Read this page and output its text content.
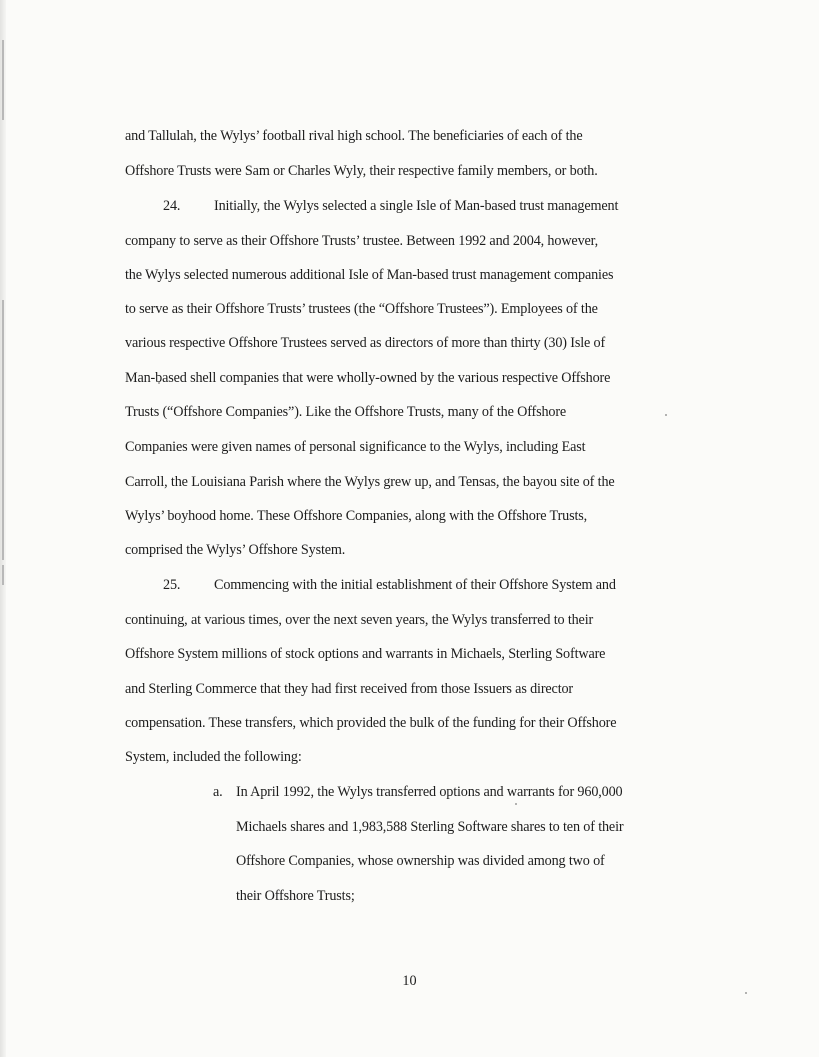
and Tallulah, the Wylys’ football rival high school. The beneficiaries of each of the

Offshore Trusts were Sam or Charles Wyly, their respective family members, or both.

24. Initially, the Wylys selected a single Isle of Man-based trust management

company to serve as their Offshore Trusts’ trustee. Between 1992 and 2004, however,

the Wylys selected numerous additional Isle of Man-based trust management companies

to serve as their Offshore Trusts’ trustees (the “Offshore Trustees”). Employees of the

various respective Offshore Trustees served as directors of more than thirty (30) Isle of

Man-based shell companies that were wholly-owned by the various respective Offshore

Trusts (“Offshore Companies”). Like the Offshore Trusts, many of the Offshore

Companies were given names of personal significance to the Wylys, including East

Carroll, the Louisiana Parish where the Wylys grew up, and Tensas, the bayou site of the

Wylys’ boyhood home. These Offshore Companies, along with the Offshore Trusts,

comprised the Wylys’ Offshore System.

25. Commencing with the initial establishment of their Offshore System and

continuing, at various times, over the next seven years, the Wylys transferred to their

Offshore System millions of stock options and warrants in Michaels, Sterling Software

and Sterling Commerce that they had first received from those Issuers as director

compensation. These transfers, which provided the bulk of the funding for their Offshore

System, included the following:

a. In April 1992, the Wylys transferred options and warrants for 960,000

Michaels shares and 1,983,588 Sterling Software shares to ten of their

Offshore Companies, whose ownership was divided among two of

their Offshore Trusts;

10
